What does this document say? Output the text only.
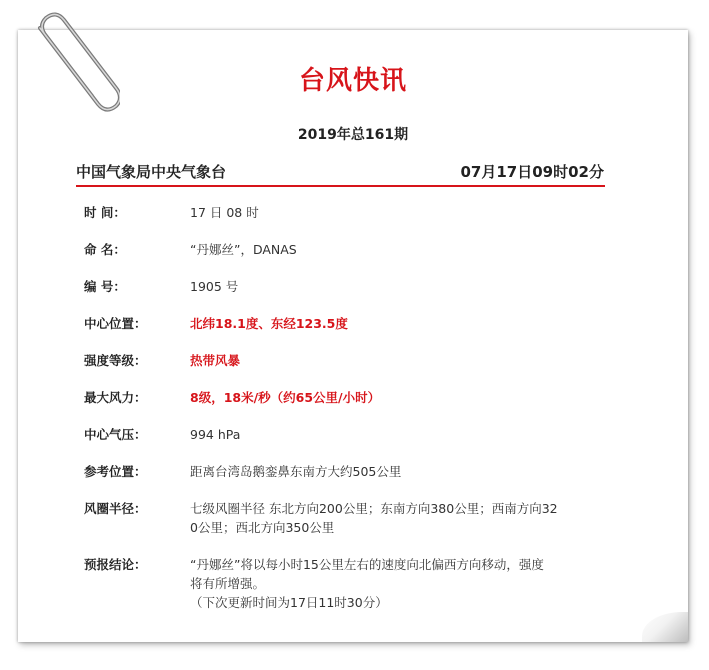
台风快讯
2019年总161期
中国气象局中央气象台	07月17日09时02分
时 间：	17 日 08 时
命 名：	“丹娜丝”，DANAS
编 号：	1905 号
中心位置：	北纬18.1度、东经123.5度
强度等级：	热带风暴
最大风力：	8级，18米/秒（约65公里/小时）
中心气压：	994 hPa
参考位置：	距离台湾岛鹅銮鼻东南方大约505公里
风圈半径：	七级风圈半径 东北方向200公里；东南方向380公里；西南方向32
0公里；西北方向350公里
预报结论：	“丹娜丝”将以每小时15公里左右的速度向北偏西方向移动，强度
将有所增强。
（下次更新时间为17日11时30分）
